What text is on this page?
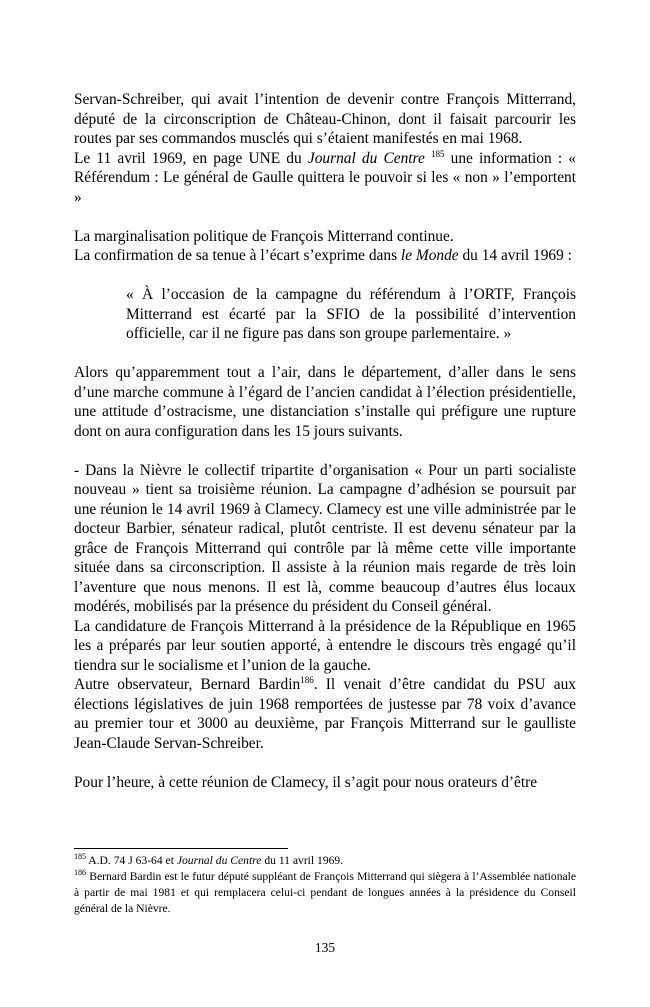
Servan-Schreiber, qui avait l’intention de devenir contre François Mitterrand, député de la circonscription de Château-Chinon, dont il faisait parcourir les routes par ses commandos musclés qui s’étaient manifestés en mai 1968.

Le 11 avril 1969, en page UNE du Journal du Centre $^{185}$ une information : « Référendum : Le général de Gaulle quittera le pouvoir si les « non » l’emportent »

La marginalisation politique de François Mitterrand continue.

La confirmation de sa tenue à l’écart s’exprime dans le Monde du 14 avril 1969 :

« À l’occasion de la campagne du référendum à l’ORTF, François Mitterrand est écarté par la SFIO de la possibilité d’intervention officielle, car il ne figure pas dans son groupe parlementaire. »

Alors qu’apparemment tout a l’air, dans le département, d’aller dans le sens d’une marche commune à l’égard de l’ancien candidat à l’élection présidentielle, une attitude d’ostracisme, une distanciation s’installe qui préfigure une rupture dont on aura configuration dans les 15 jours suivants.

- Dans la Nièvre le collectif tripartite d’organisation « Pour un parti socialiste nouveau » tient sa troisième réunion. La campagne d’adhésion se poursuit par une réunion le 14 avril 1969 à Clamecy. Clamecy est une ville administrée par le docteur Barbier, sénateur radical, plutôt centriste. Il est devenu sénateur par la grâce de François Mitterrand qui contrôle par là même cette ville importante située dans sa circonscription. Il assiste à la réunion mais regarde de très loin l’aventure que nous menons. Il est là, comme beaucoup d’autres élus locaux modérés, mobilisés par la présence du président du Conseil général.

La candidature de François Mitterrand à la présidence de la République en 1965 les a préparés par leur soutien apporté, à entendre le discours très engagé qu’il tiendra sur le socialisme et l’union de la gauche.

Autre observateur, Bernard Bardin$^{186}$. Il venait d’être candidat du PSU aux élections législatives de juin 1968 remportées de justesse par 78 voix d’avance au premier tour et 3000 au deuxième, par François Mitterrand sur le gaulliste Jean-Claude Servan-Schreiber.

Pour l’heure, à cette réunion de Clamecy, il s’agit pour nous orateurs d’être

$^{185}$ A.D. 74 J 63-64 et Journal du Centre du 11 avril 1969.

$^{186}$ Bernard Bardin est le futur député suppléant de François Mitterrand qui siègera à l’Assemblée nationale à partir de mai 1981 et qui remplacera celui-ci pendant de longues années à la présidence du Conseil général de la Nièvre.

135
